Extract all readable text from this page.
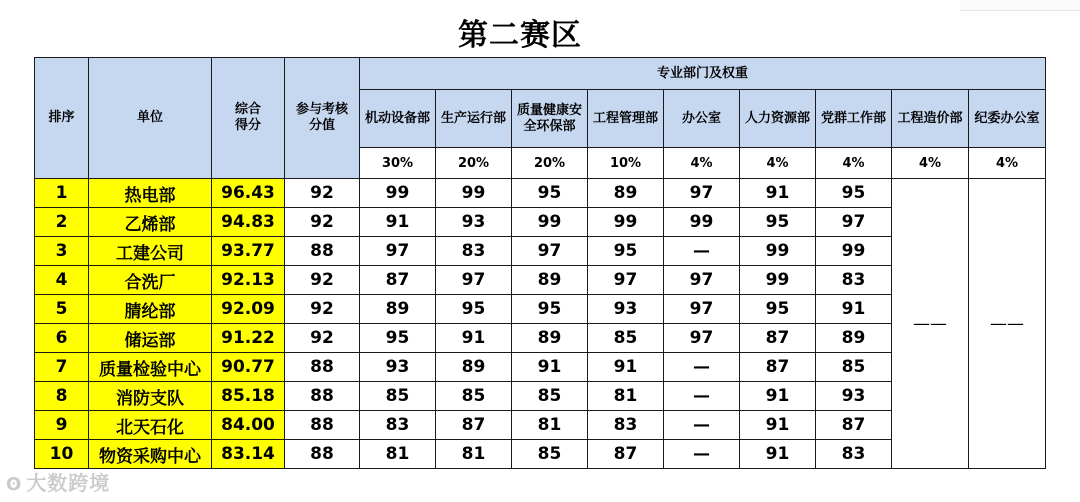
第二赛区
排序	单位	综合得分	参与考核分值	专业部门及权重								

				机动设备部	生产运行部	质量健康安全环保部	工程管理部	办公室	人力资源部	党群工作部	工程造价部	纪委办公室

				30%	20%	20%	10%	4%	4%	4%	4%	4%
1	热电部	96.43	92	99	99	95	89	97	91	95	——	——
2	乙烯部	94.83	92	91	93	99	99	99	95	97		
3	工建公司	93.77	88	97	83	97	95	—	99	99		
4	合洗厂	92.13	92	87	97	89	97	97	99	83		
5	腈纶部	92.09	92	89	95	95	93	97	95	91		
6	储运部	91.22	92	95	91	89	85	97	87	89		
7	质量检验中心	90.77	88	93	89	91	91	—	87	85		
8	消防支队	85.18	88	85	85	85	81	—	91	93		
9	北天石化	84.00	88	83	87	81	83	—	91	87		
10	物资采购中心	83.14	88	81	81	85	87	—	91	83		
ʘ 大数跨境
